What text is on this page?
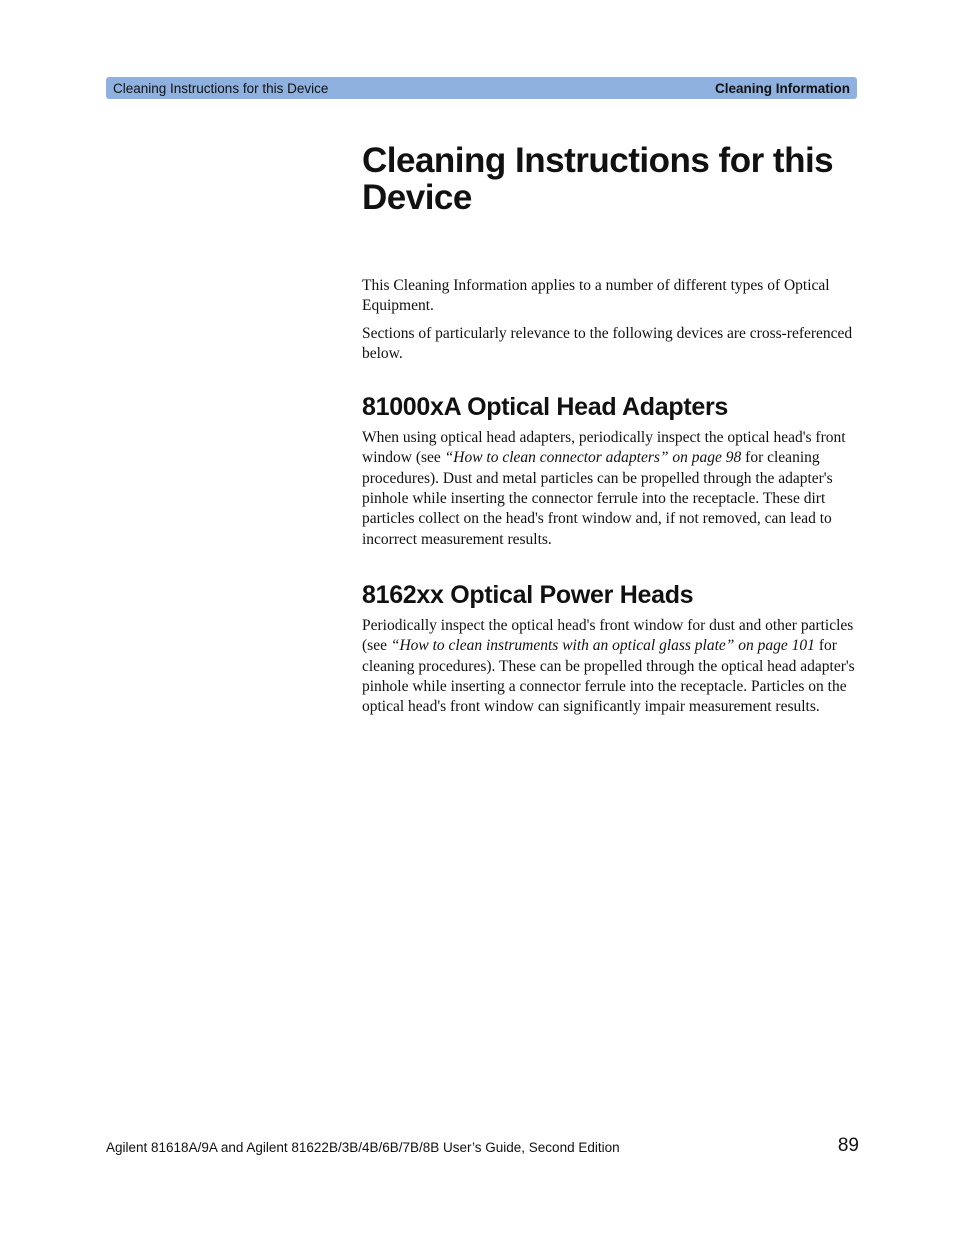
Cleaning Instructions for this Device	Cleaning Information
Cleaning Instructions for this
Device

This Cleaning Information applies to a number of different types of Optical Equipment.

Sections of particularly relevance to the following devices are cross-referenced below.

81000xA Optical Head Adapters

When using optical head adapters, periodically inspect the optical head's front window (see “How to clean connector adapters” on page 98 for cleaning procedures). Dust and metal particles can be propelled through the adapter's pinhole while inserting the connector ferrule into the receptacle. These dirt particles collect on the head's front window and, if not removed, can lead to incorrect measurement results.

8162xx Optical Power Heads

Periodically inspect the optical head's front window for dust and other particles (see “How to clean instruments with an optical glass plate” on page 101 for cleaning procedures). These can be propelled through the optical head adapter's pinhole while inserting a connector ferrule into the receptacle. Particles on the optical head's front window can significantly impair measurement results.

Agilent 81618A/9A and Agilent 81622B/3B/4B/6B/7B/8B User’s Guide, Second Edition	89
